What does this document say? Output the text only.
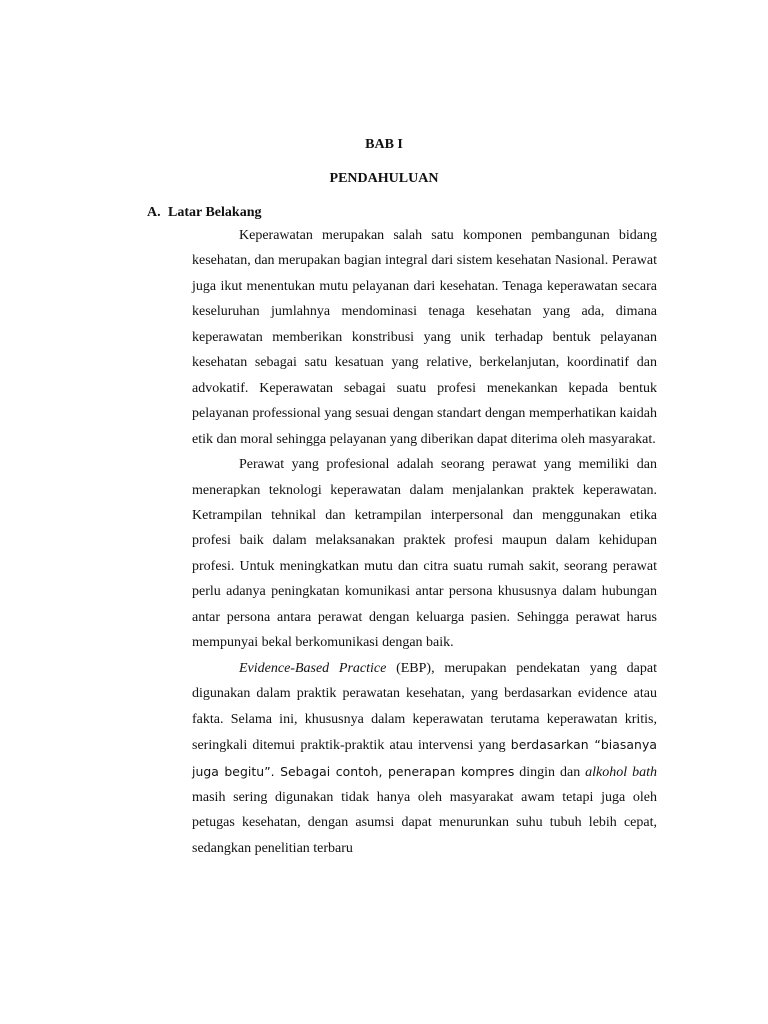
BAB I
PENDAHULUAN
A. Latar Belakang

Keperawatan merupakan salah satu komponen pembangunan bidang kesehatan, dan merupakan bagian integral dari sistem kesehatan Nasional. Perawat juga ikut menentukan mutu pelayanan dari kesehatan. Tenaga keperawatan secara keseluruhan jumlahnya mendominasi tenaga kesehatan yang ada, dimana keperawatan memberikan konstribusi yang unik terhadap bentuk pelayanan kesehatan sebagai satu kesatuan yang relative, berkelanjutan, koordinatif dan advokatif. Keperawatan sebagai suatu profesi menekankan kepada bentuk pelayanan professional yang sesuai dengan standart dengan memperhatikan kaidah etik dan moral sehingga pelayanan yang diberikan dapat diterima oleh masyarakat.

Perawat yang profesional adalah seorang perawat yang memiliki dan menerapkan teknologi keperawatan dalam menjalankan praktek keperawatan. Ketrampilan tehnikal dan ketrampilan interpersonal dan menggunakan etika profesi baik dalam melaksanakan praktek profesi maupun dalam kehidupan profesi. Untuk meningkatkan mutu dan citra suatu rumah sakit, seorang perawat perlu adanya peningkatan komunikasi antar persona khususnya dalam hubungan antar persona antara perawat dengan keluarga pasien. Sehingga perawat harus mempunyai bekal berkomunikasi dengan baik.

Evidence-Based Practice (EBP), merupakan pendekatan yang dapat digunakan dalam praktik perawatan kesehatan, yang berdasarkan evidence atau fakta. Selama ini, khususnya dalam keperawatan terutama keperawatan kritis, seringkali ditemui praktik-praktik atau intervensi yang berdasarkan “biasanya juga begitu”. Sebagai contoh, penerapan kompres dingin dan alkohol bath masih sering digunakan tidak hanya oleh masyarakat awam tetapi juga oleh petugas kesehatan, dengan asumsi dapat menurunkan suhu tubuh lebih cepat, sedangkan penelitian terbaru
